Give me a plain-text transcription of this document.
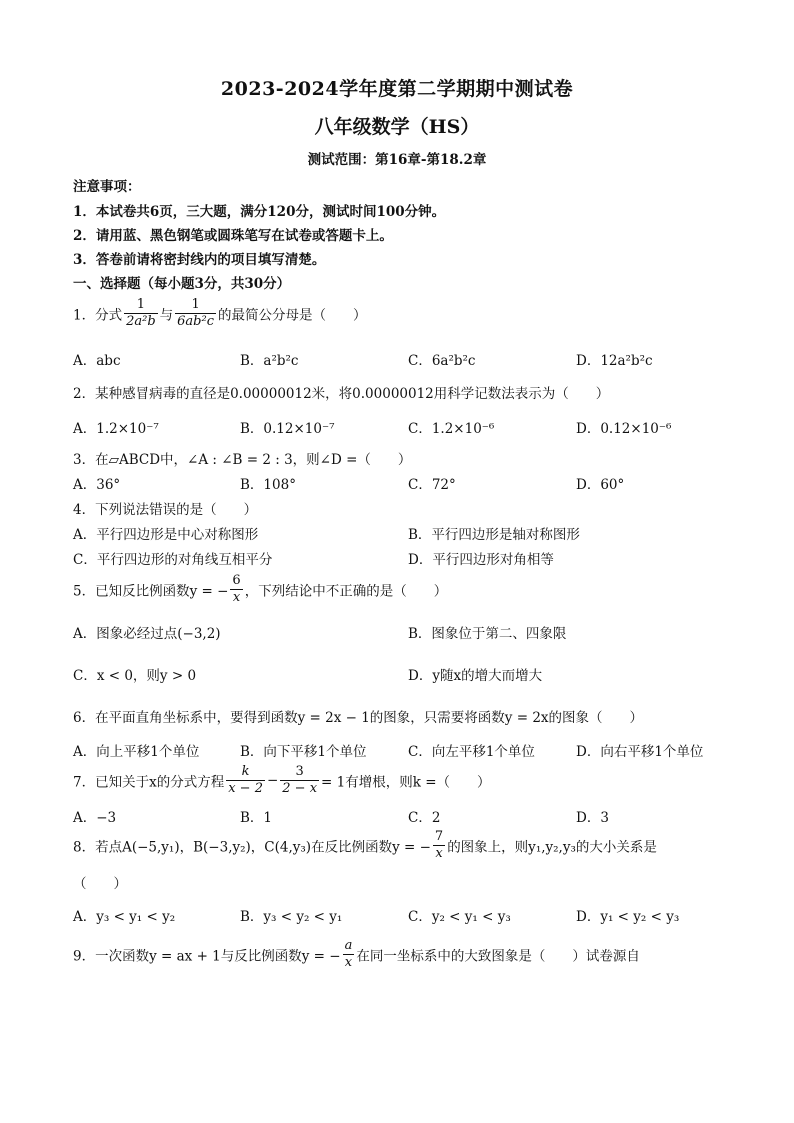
2023-2024学年度第二学期期中测试卷
八年级数学（HS）
测试范围：第16章-第18.2章
注意事项：
1．本试卷共6页，三大题，满分120分，测试时间100分钟。
2．请用蓝、黑色钢笔或圆珠笔写在试卷或答题卡上。
3．答卷前请将密封线内的项目填写清楚。
一、选择题（每小题3分，共30分）
1．分式 $\frac{1}{\text{2a²b}}$ 与 $\frac{1}{\text{6ab²c}}$ 的最简公分母是（　　）
A．abc	B．a²b²c	C．6a²b²c	D．12a²b²c
2．某种感冒病毒的直径是0.00000012米，将0.00000012用科学记数法表示为（　　）
A．1.2×10⁻⁷	B．0.12×10⁻⁷	C．1.2×10⁻⁶	D．0.12×10⁻⁶
3．在▱ABCD中，∠A : ∠B = 2 : 3，则∠D =（　　）
A．36°	B．108°	C．72°	D．60°
4．下列说法错误的是（　　）
A．平行四边形是中心对称图形	B．平行四边形是轴对称图形
C．平行四边形的对角线互相平分	D．平行四边形对角相等
5．已知反比例函数y = − $\frac{6}{x}$ ，下列结论中不正确的是（　　）
A．图象必经过点(−3,2)	B．图象位于第二、四象限
C．x < 0，则y > 0	D．y随x的增大而增大
6．在平面直角坐标系中，要得到函数y = 2x − 1的图象，只需要将函数y = 2x的图象（　　）
A．向上平移1个单位	B．向下平移1个单位	C．向左平移1个单位	D．向右平移1个单位
7．已知关于x的分式方程 $\frac{k}{x - 2} - \frac{3}{2 - x} = 1$有增根，则k =（　　）
A．−3	B．1	C．2	D．3
8．若点A(−5,y₁)，B(−3,y₂)，C(4,y₃)在反比例函数y = − $\frac{7}{x}$ 的图象上，则y₁,y₂,y₃的大小关系是
（　　）
A．y₃ < y₁ < y₂	B．y₃ < y₂ < y₁	C．y₂ < y₁ < y₃	D．y₁ < y₂ < y₃
9．一次函数y = ax + 1与反比例函数y = − $\frac{a}{x}$ 在同一坐标系中的大致图象是（　　）试卷源自
